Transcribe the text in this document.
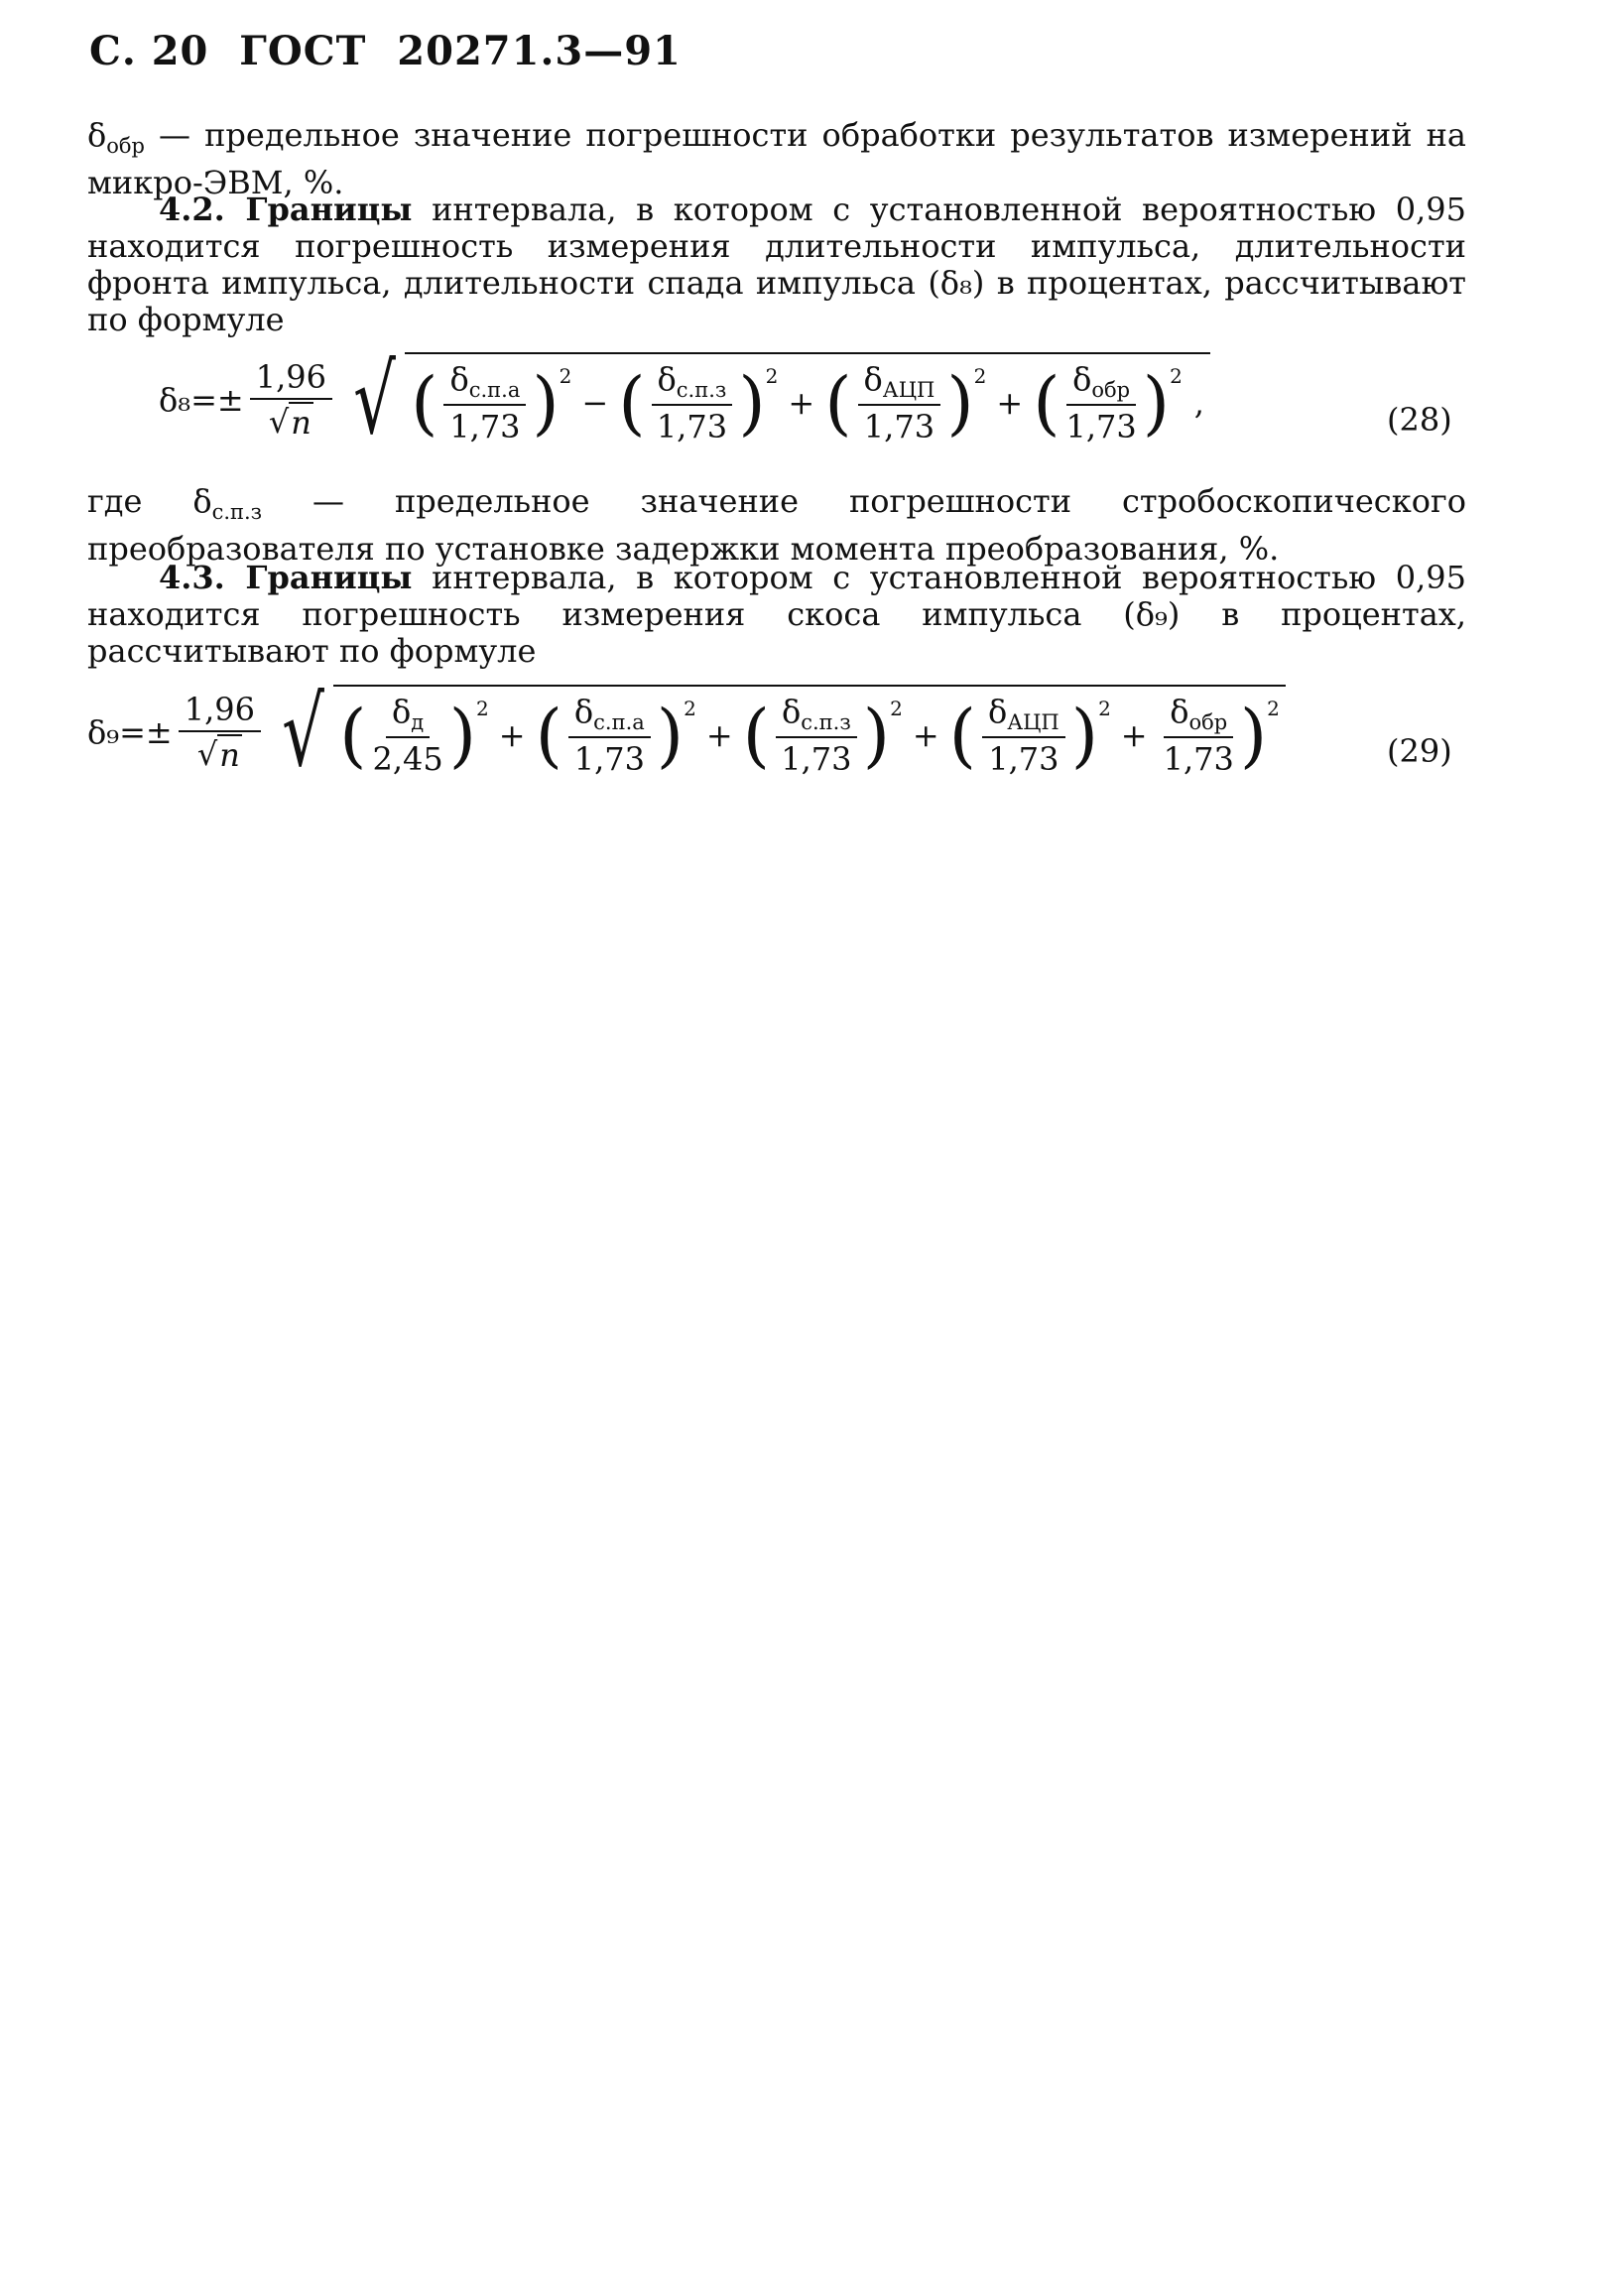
С. 20 ГОСТ 20271.3—91
$\delta_{обр}$ — предельное значение погрешности обработки результатов измерений на микро-ЭВМ, %.
4.2. Границы интервала, в котором с установленной вероятностью 0,95 находится погрешность измерения длительности импульса, длительности фронта импульса, длительности спада импульса (δ₈) в процентах, рассчитывают по формуле
$\delta_8=\pm \frac{1,96}{√ n}$ √ ( $\frac{\delta_{с.п.а}}{1,73}$ ) 2
− ( $\frac{\delta_{с.п.з}}{1,73}$ ) 2
+ ( $\frac{\delta_{АЦП}}{1,73}$ ) 2
+ ( $\frac{\delta_{обр}}{1,73}$ ) 2
,	(28)
где $\delta_{с.п.з}$ — предельное значение погрешности стробоскопического преобразователя по установке задержки момента преобразования, %.
4.3. Границы интервала, в котором с установленной вероятностью 0,95 находится погрешность измерения скоса импульса (δ₉) в процентах, рассчитывают по формуле
$\delta_9=\pm \frac{1,96}{√ n}$ √ ( $\frac{\delta_д}{2,45}$ ) 2
+ ( $\frac{\delta_{с.п.а}}{1,73}$ ) 2
+ ( $\frac{\delta_{с.п.з}}{1,73}$ ) 2
+ ( $\frac{\delta_{АЦП}}{1,73}$ ) 2
+ $\frac{\delta_{обр}}{1,73}$ ) 2
(29)
